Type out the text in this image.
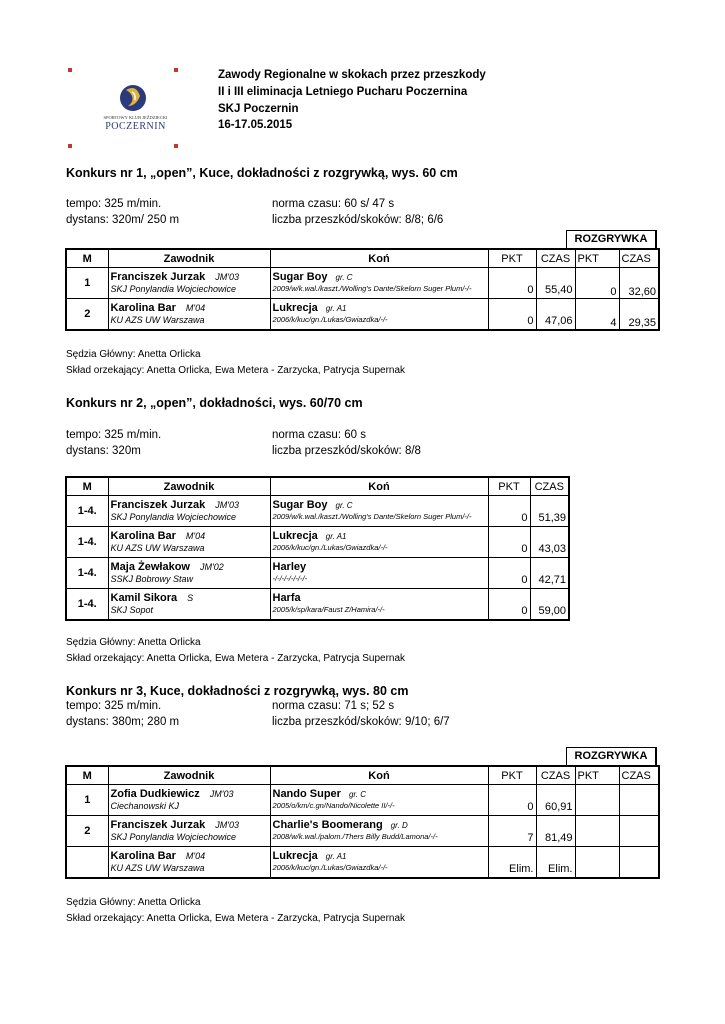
SPORTOWY KLUB JEŹDZIECKI
POCZERNIN
Zawody Regionalne w skokach przez przeszkody
II i III eliminacja Letniego Pucharu Poczernina
SKJ Poczernin
16-17.05.2015
Konkurs nr 1, „open”, Kuce, dokładności z rozgrywką, wys. 60 cm
tempo: 325 m/min.
dystans: 320m/ 250 m
norma czasu: 60 s/ 47 s
liczba przeszkód/skoków: 8/8; 6/6
ROZGRYWKA
M	Zawodnik	Koń	PKT	CZAS	PKT	CZAS
1	Franciszek Jurzak JM'03
SKJ Ponylandia Wojciechowice	Sugar Boy gr. C
2009/w/k.wal./kaszt./Wolling's Dante/Skelorn Suger Plum/-/-	0	55,40	0	32,60
2	Karolina Bar M'04
KU AZS UW Warszawa	Lukrecja gr. A1
2006/k/kuc/gn./Lukas/Gwiazdka/-/-	0	47,06	4	29,35
Sędzia Główny: Anetta Orlicka
Skład orzekający: Anetta Orlicka, Ewa Metera - Zarzycka, Patrycja Supernak
Konkurs nr 2, „open”, dokładności, wys. 60/70 cm
tempo: 325 m/min.
dystans: 320m
norma czasu: 60 s
liczba przeszkód/skoków: 8/8
M	Zawodnik	Koń	PKT	CZAS
1-4.	Franciszek Jurzak JM'03
SKJ Ponylandia Wojciechowice	Sugar Boy gr. C
2009/w/k.wal./kaszt./Wolling's Dante/Skelorn Suger Plum/-/-	0	51,39
1-4.	Karolina Bar M'04
KU AZS UW Warszawa	Lukrecja gr. A1
2006/k/kuc/gn./Lukas/Gwiazdka/-/-	0	43,03
1-4.	Maja Żewłakow JM'02
SSKJ Bobrowy Staw	Harley
-/-/-/-/-/-/-/-	0	42,71
1-4.	Kamil Sikora S
SKJ Sopot	Harfa
2005/k/sp/kara/Faust Z/Hamira/-/-	0	59,00
Sędzia Główny: Anetta Orlicka
Skład orzekający: Anetta Orlicka, Ewa Metera - Zarzycka, Patrycja Supernak
Konkurs nr 3, Kuce, dokładności z rozgrywką, wys. 80 cm
tempo: 325 m/min.
dystans: 380m; 280 m
norma czasu: 71 s; 52 s
liczba przeszkód/skoków: 9/10; 6/7
ROZGRYWKA
M	Zawodnik	Koń	PKT	CZAS	PKT	CZAS
1	Zofia Dudkiewicz JM'03
Ciechanowski KJ	Nando Super gr. C
2005/o/km/c.gn/Nando/Nicolette II/-/-	0	60,91		
2	Franciszek Jurzak JM'03
SKJ Ponylandia Wojciechowice	Charlie's Boomerang gr. D
2008/w/k.wal./palom./Thers Billy Budd/Lamona/-/-	7	81,49		

	Karolina Bar M'04
KU AZS UW Warszawa	Lukrecja gr. A1
2006/k/kuc/gn./Lukas/Gwiazdka/-/-	Elim.	Elim.		
Sędzia Główny: Anetta Orlicka
Skład orzekający: Anetta Orlicka, Ewa Metera - Zarzycka, Patrycja Supernak
